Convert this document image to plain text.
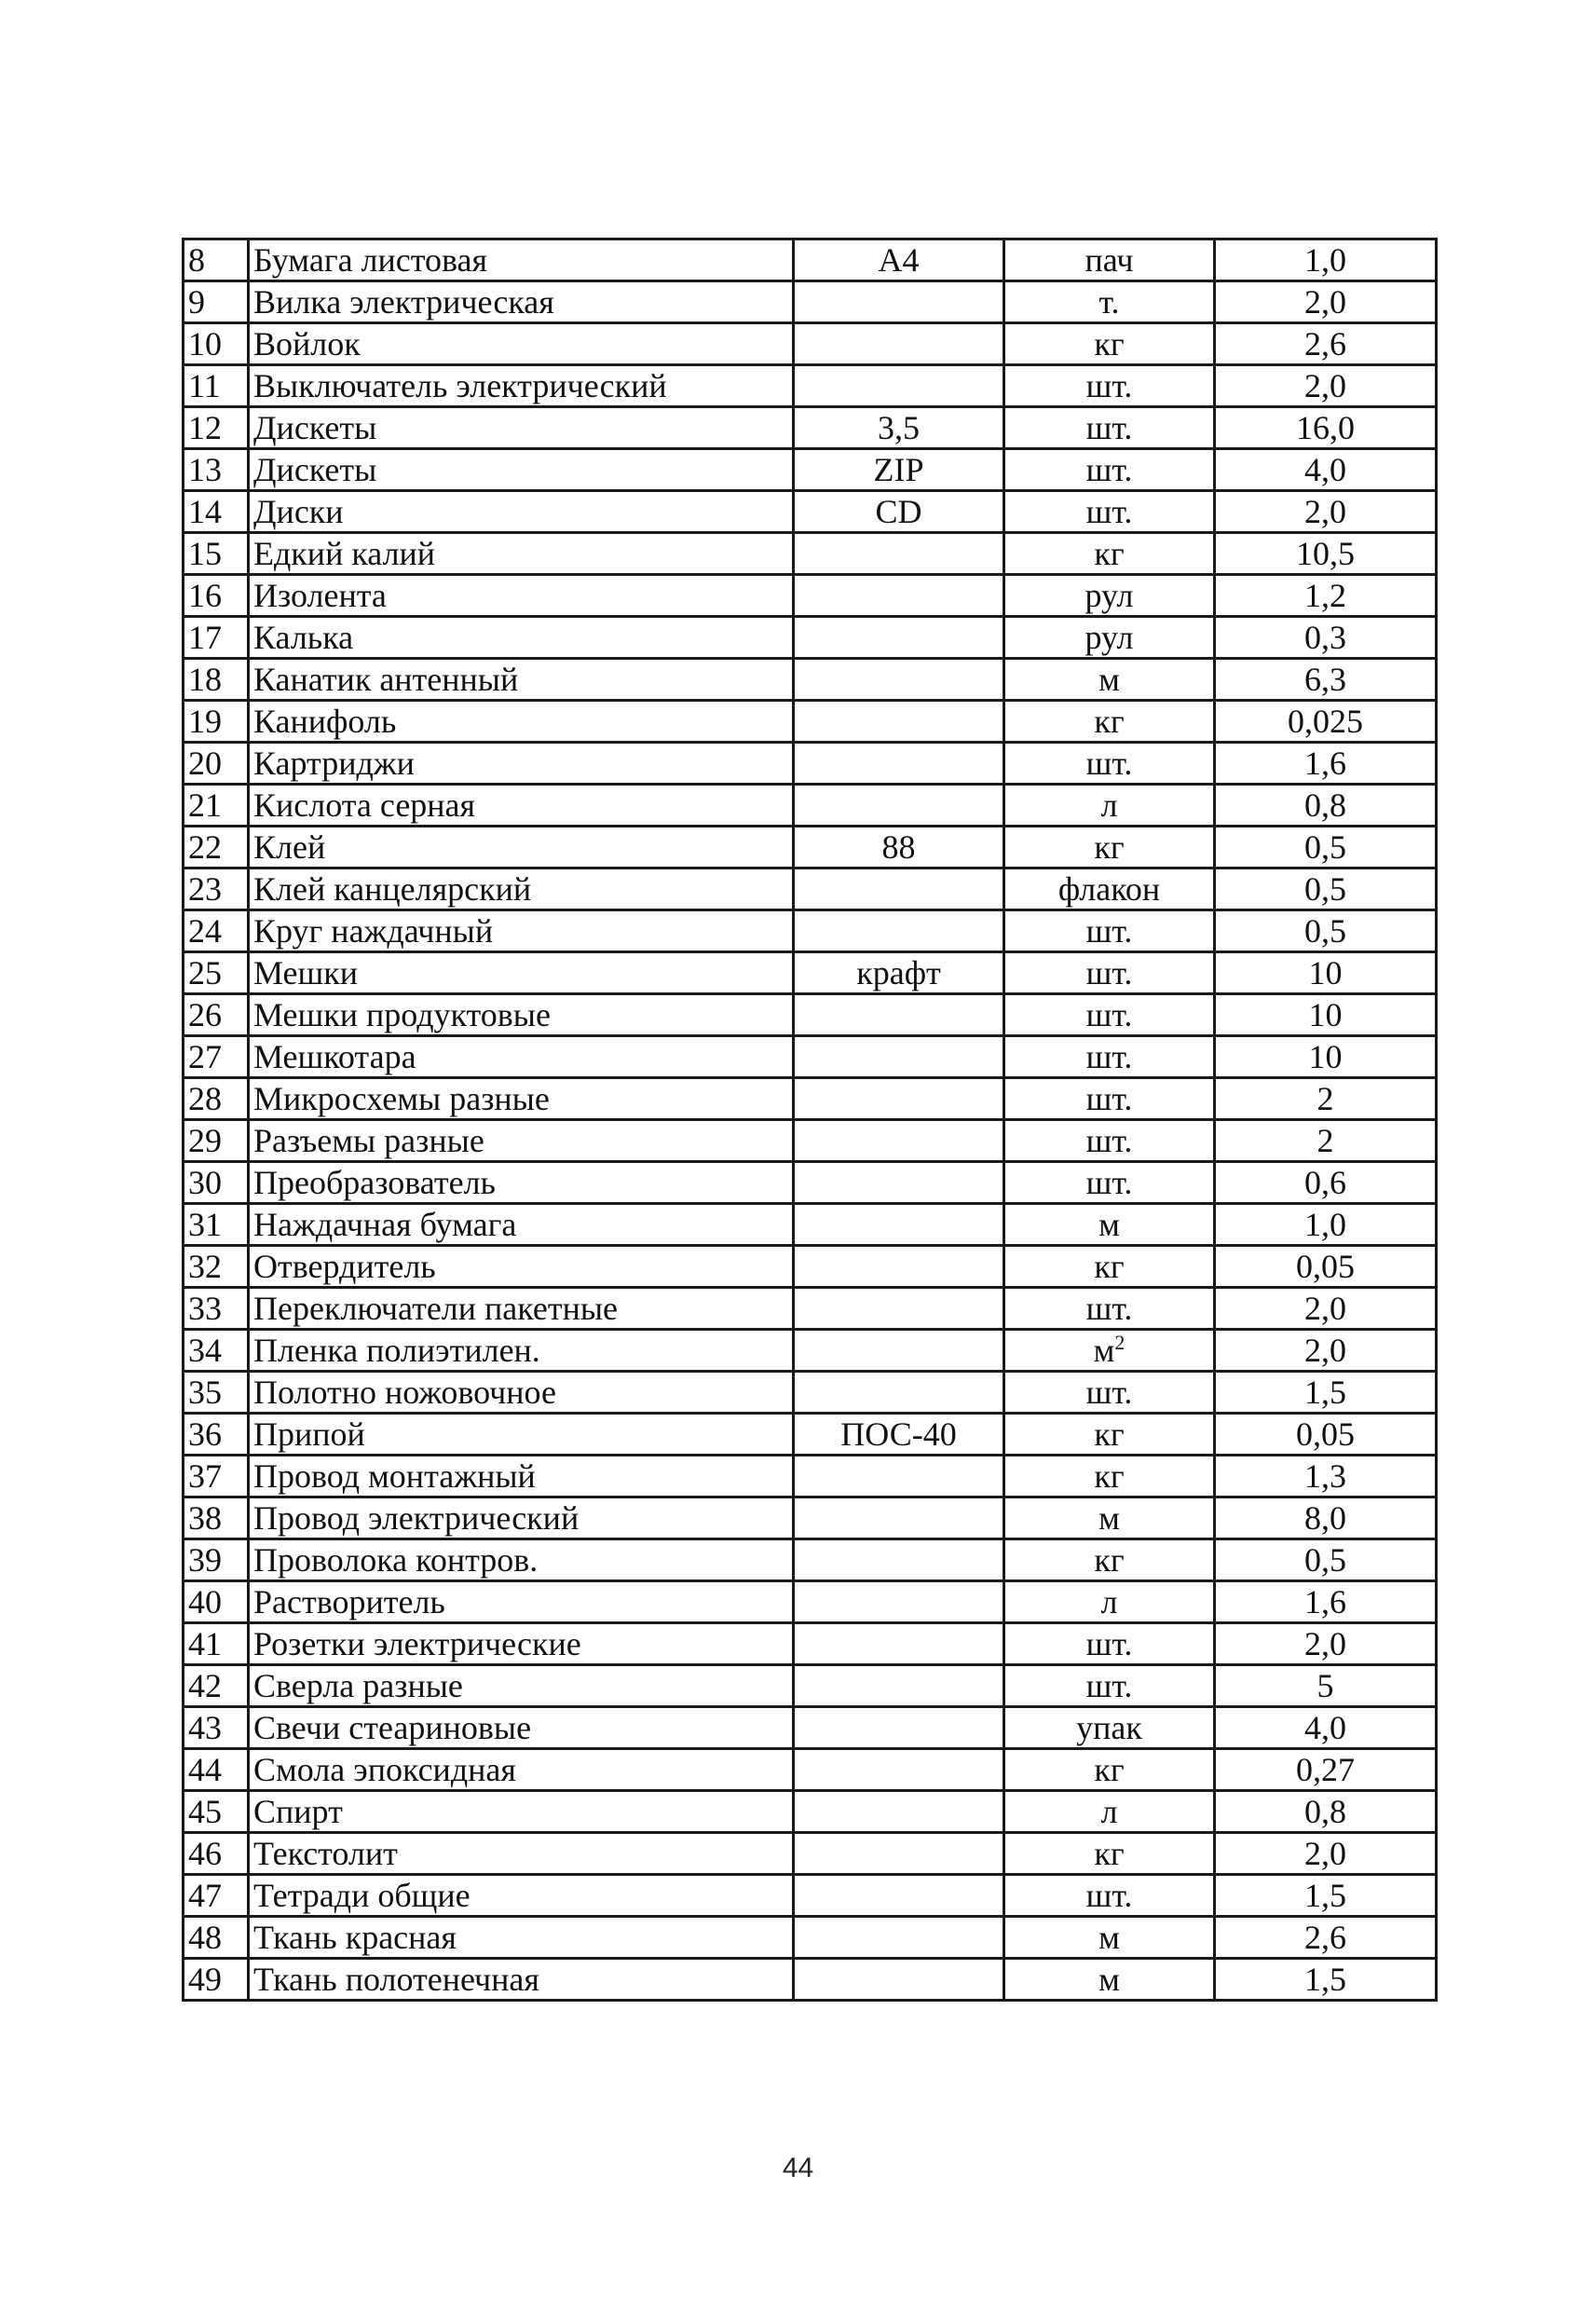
8	Бумага листовая	А4	пач	1,0
9	Вилка электрическая		т.	2,0
10	Войлок		кг	2,6
11	Выключатель электрический		шт.	2,0
12	Дискеты	3,5	шт.	16,0
13	Дискеты	ZIP	шт.	4,0
14	Диски	CD	шт.	2,0
15	Едкий калий		кг	10,5
16	Изолента		рул	1,2
17	Калька		рул	0,3
18	Канатик антенный		м	6,3
19	Канифоль		кг	0,025
20	Картриджи		шт.	1,6
21	Кислота серная		л	0,8
22	Клей	88	кг	0,5
23	Клей канцелярский		флакон	0,5
24	Круг наждачный		шт.	0,5
25	Мешки	крафт	шт.	10
26	Мешки продуктовые		шт.	10
27	Мешкотара		шт.	10
28	Микросхемы разные		шт.	2
29	Разъемы разные		шт.	2
30	Преобразователь		шт.	0,6
31	Наждачная бумага		м	1,0
32	Отвердитель		кг	0,05
33	Переключатели пакетные		шт.	2,0
34	Пленка полиэтилен.		$м^2$	2,0
35	Полотно ножовочное		шт.	1,5
36	Припой	ПОС-40	кг	0,05
37	Провод монтажный		кг	1,3
38	Провод электрический		м	8,0
39	Проволока контров.		кг	0,5
40	Растворитель		л	1,6
41	Розетки электрические		шт.	2,0
42	Сверла разные		шт.	5
43	Свечи стеариновые		упак	4,0
44	Смола эпоксидная		кг	0,27
45	Спирт		л	0,8
46	Текстолит		кг	2,0
47	Тетради общие		шт.	1,5
48	Ткань красная		м	2,6
49	Ткань полотенечная		м	1,5
44
